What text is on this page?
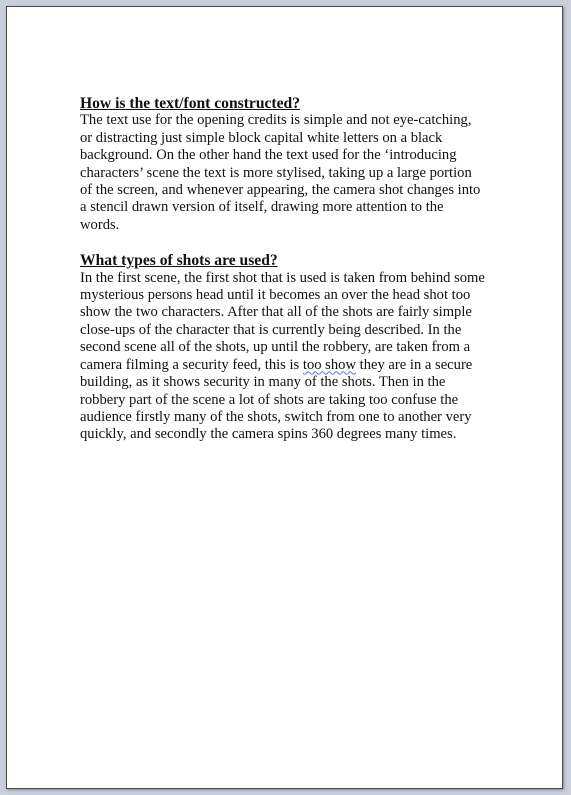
How is the text/font constructed?

The text use for the opening credits is simple and not eye-catching, or distracting just simple block capital white letters on a black background. On the other hand the text used for the ‘introducing characters’ scene the text is more stylised, taking up a large portion of the screen, and whenever appearing, the camera shot changes into a stencil drawn version of itself, drawing more attention to the words.

What types of shots are used?

In the first scene, the first shot that is used is taken from behind some mysterious persons head until it becomes an over the head shot too show the two characters. After that all of the shots are fairly simple close-ups of the character that is currently being described. In the second scene all of the shots, up until the robbery, are taken from a camera filming a security feed, this is too show they are in a secure building, as it shows security in many of the shots. Then in the robbery part of the scene a lot of shots are taking too confuse the audience firstly many of the shots, switch from one to another very quickly, and secondly the camera spins 360 degrees many times.
